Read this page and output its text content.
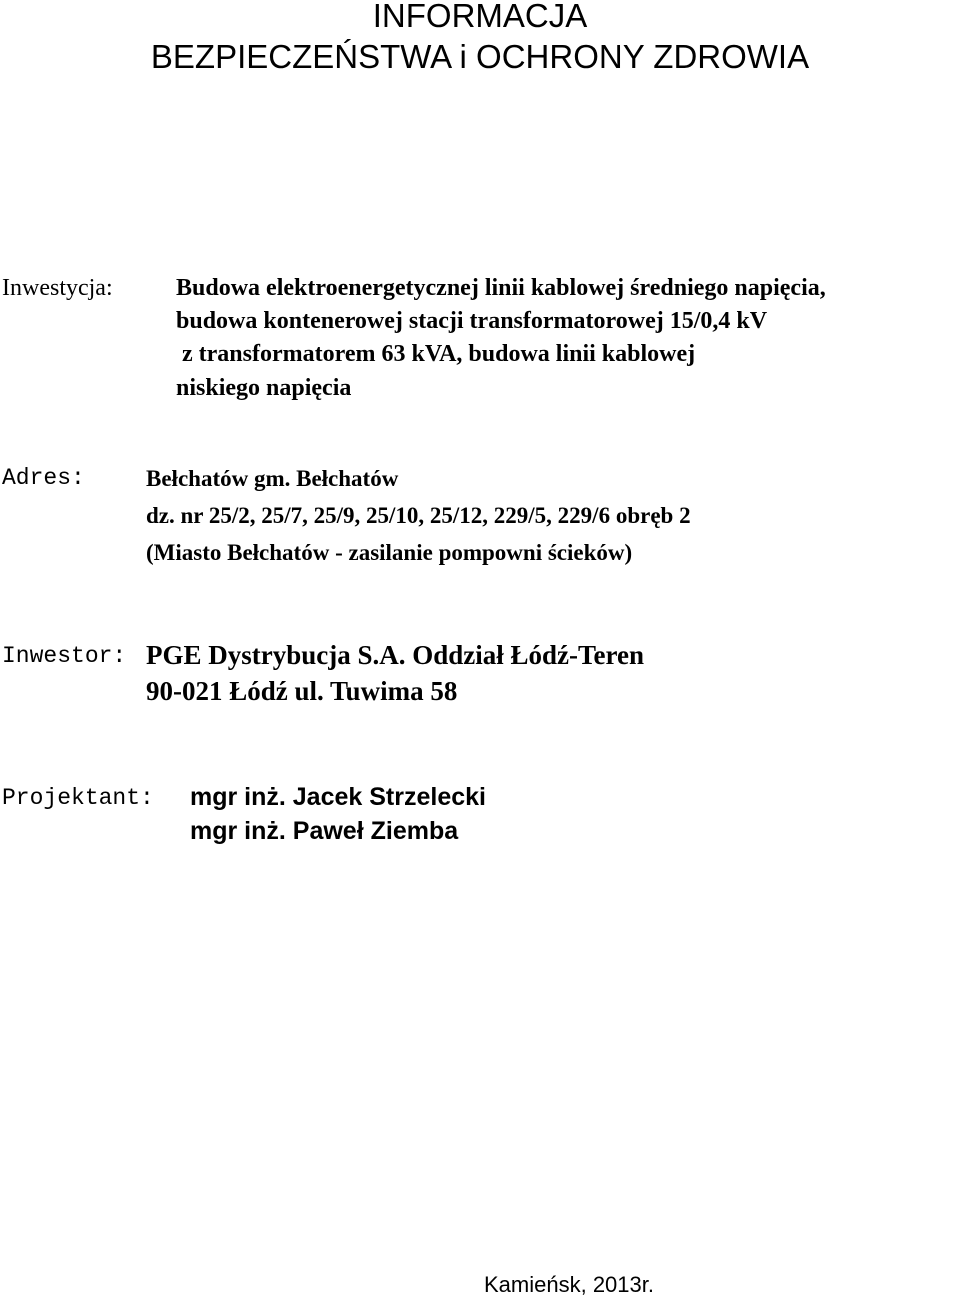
INFORMACJA
BEZPIECZEŃSTWA i OCHRONY ZDROWIA
Inwestycja:	Budowa elektroenergetycznej linii kablowej średniego napięcia,
budowa kontenerowej stacji transformatorowej 15/0,4 kV
z transformatorem 63 kVA, budowa linii kablowej
niskiego napięcia
Adres:	Bełchatów gm. Bełchatów
dz. nr 25/2, 25/7, 25/9, 25/10, 25/12, 229/5, 229/6 obręb 2
(Miasto Bełchatów - zasilanie pompowni ścieków)
Inwestor: PGE Dystrybucja S.A. Oddział Łódź-Teren
90-021 Łódź ul. Tuwima 58
Projektant: mgr inż. Jacek Strzelecki
mgr inż. Paweł Ziemba
Kamieńsk, 2013r.
